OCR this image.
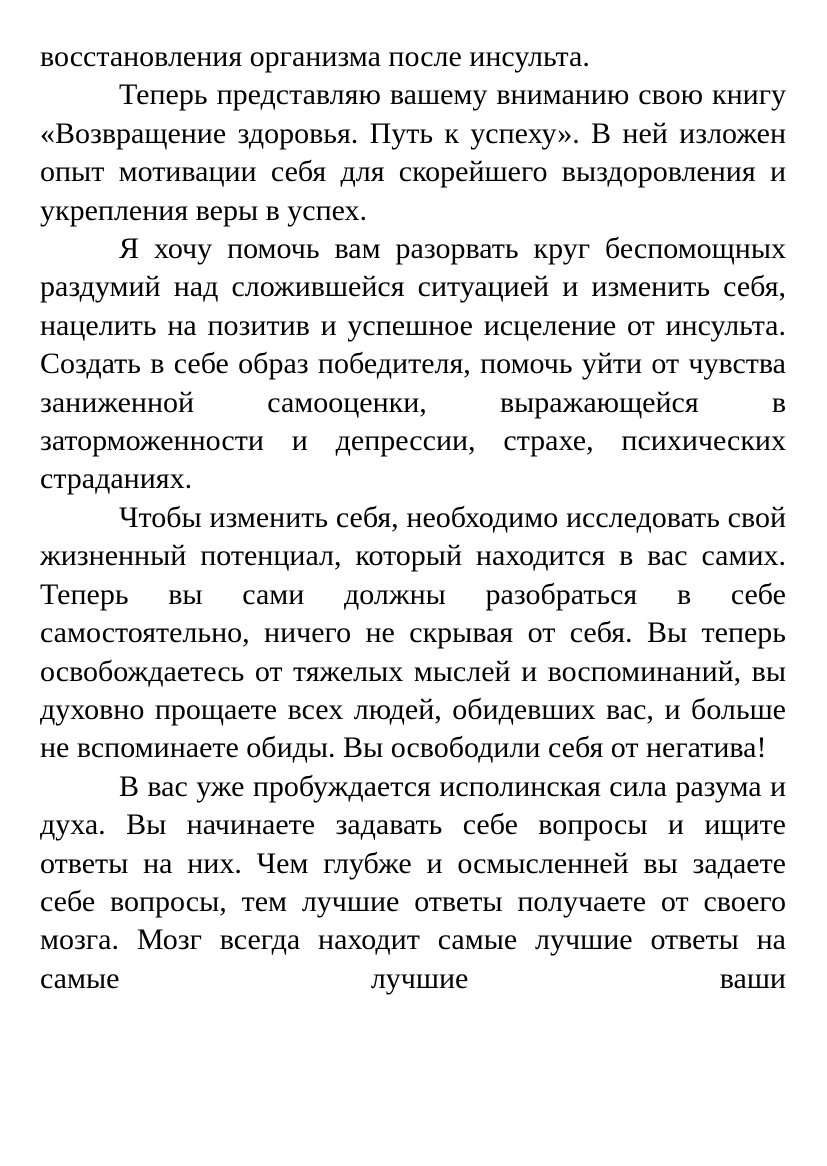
восстановления организма после инсульта.

Теперь представляю вашему вниманию свою книгу «Возвращение здоровья. Путь к успеху». В ней изложен опыт мотивации себя для скорейшего выздоровления и укрепления веры в успех.

Я хочу помочь вам разорвать круг беспомощных раздумий над сложившейся ситуацией и изменить себя, нацелить на позитив и успешное исцеление от инсульта. Создать в себе образ победителя, помочь уйти от чувства заниженной самооценки, выражающейся в заторможенности и депрессии, страхе, психических страданиях.

Чтобы изменить себя, необходимо исследовать свой жизненный потенциал, который находится в вас самих. Теперь вы сами должны разобраться в себе самостоятельно, ничего не скрывая от себя. Вы теперь освобождаетесь от тяжелых мыслей и воспоминаний, вы духовно прощаете всех людей, обидевших вас, и больше не вспоминаете обиды. Вы освободили себя от негатива!

В вас уже пробуждается исполинская сила разума и духа. Вы начинаете задавать себе вопросы и ищите ответы на них. Чем глубже и осмысленней вы задаете себе вопросы, тем лучшие ответы получаете от своего мозга. Мозг всегда находит самые лучшие ответы на самые лучшие ваши
